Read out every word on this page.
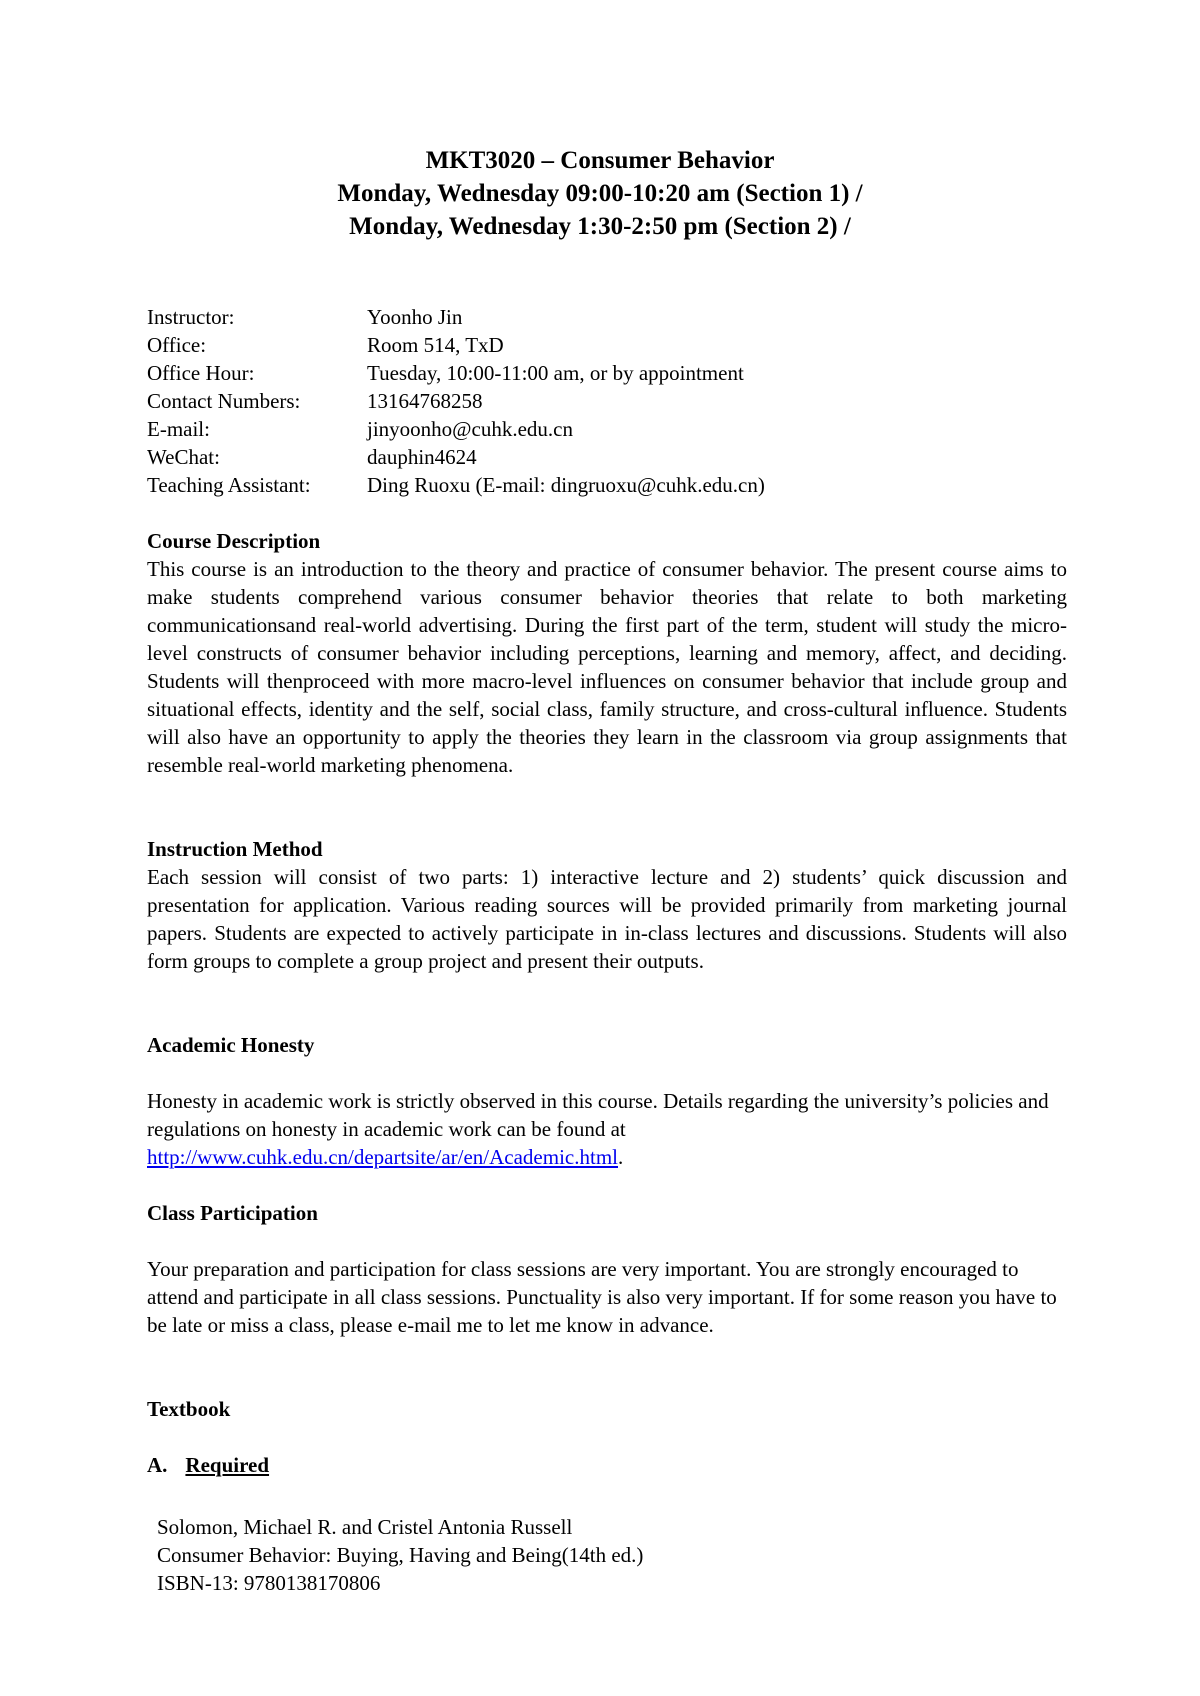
MKT3020 – Consumer Behavior
Monday, Wednesday 09:00-10:20 am (Section 1) /
Monday, Wednesday 1:30-2:50 pm (Section 2) /
Instructor:	Yoonho Jin
Office:	Room 514, TxD
Office Hour:	Tuesday, 10:00-11:00 am, or by appointment
Contact Numbers:	13164768258
E-mail:	jinyoonho@cuhk.edu.cn
WeChat:	dauphin4624
Teaching Assistant:	Ding Ruoxu (E-mail: dingruoxu@cuhk.edu.cn)
Course Description
This course is an introduction to the theory and practice of consumer behavior. The present course aims to make students comprehend various consumer behavior theories that relate to both marketing communicationsand real-world advertising. During the first part of the term, student will study the micro-level constructs of consumer behavior including perceptions, learning and memory, affect, and deciding. Students will thenproceed with more macro-level influences on consumer behavior that include group and situational effects, identity and the self, social class, family structure, and cross-cultural influence. Students will also have an opportunity to apply the theories they learn in the classroom via group assignments that resemble real-world marketing phenomena.
Instruction Method
Each session will consist of two parts: 1) interactive lecture and 2) students’ quick discussion and presentation for application. Various reading sources will be provided primarily from marketing journal papers. Students are expected to actively participate in in-class lectures and discussions. Students will also form groups to complete a group project and present their outputs.
Academic Honesty
Honesty in academic work is strictly observed in this course. Details regarding the university’s policies and regulations on honesty in academic work can be found at http://www.cuhk.edu.cn/departsite/ar/en/Academic.html.
Class Participation
Your preparation and participation for class sessions are very important. You are strongly encouraged to attend and participate in all class sessions. Punctuality is also very important. If for some reason you have to be late or miss a class, please e-mail me to let me know in advance.
Textbook
A. Required
Solomon, Michael R. and Cristel Antonia Russell
Consumer Behavior: Buying, Having and Being(14th ed.)
ISBN-13: 9780138170806
